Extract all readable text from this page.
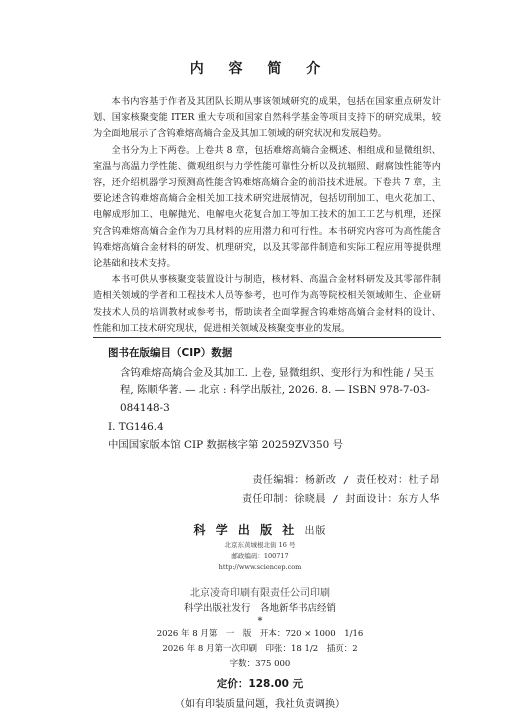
内 容 简 介

本书内容基于作者及其团队长期从事该领域研究的成果，包括在国家重点研发计划、国家核聚变能 ITER 重大专项和国家自然科学基金等项目支持下的研究成果，较为全面地展示了含钨难熔高熵合金及其加工领域的研究状况和发展趋势。

全书分为上下两卷。上卷共 8 章，包括难熔高熵合金概述、相组成和显微组织、室温与高温力学性能、微观组织与力学性能可靠性分析以及抗辐照、耐腐蚀性能等内容，还介绍机器学习预测高性能含钨难熔高熵合金的前沿技术进展。下卷共 7 章，主要论述含钨难熔高熵合金相关加工技术研究进展情况，包括切削加工、电火花加工、电解成形加工、电解抛光、电解电火花复合加工等加工技术的加工工艺与机理，还探究含钨难熔高熵合金作为刀具材料的应用潜力和可行性。本书研究内容可为高性能含钨难熔高熵合金材料的研发、机理研究，以及其零部件制造和实际工程应用等提供理论基础和技术支持。

本书可供从事核聚变装置设计与制造，核材料、高温合金材料研发及其零部件制造相关领域的学者和工程技术人员等参考，也可作为高等院校相关领域师生、企业研发技术人员的培训教材或参考书，帮助读者全面掌握含钨难熔高熵合金材料的设计、性能和加工技术研究现状，促进相关领域及核聚变事业的发展。

图书在版编目（CIP）数据
含钨难熔高熵合金及其加工. 上卷, 显微组织、变形行为和性能 / 吴玉程, 陈顺华著. — 北京 : 科学出版社, 2026. 8. — ISBN 978-7-03-084148-3
Ⅰ. TG146.4
中国国家版本馆 CIP 数据核字第 20259ZV350 号
责任编辑：杨新改 / 责任校对：杜子昂
责任印制：徐晓晨 / 封面设计：东方人华
科 学 出 版 社 出版
北京东黄城根北街 16 号
邮政编码：100717
http://www.sciencep.com
北京凌奇印刷有限责任公司印刷
科学出版社发行　各地新华书店经销
*
2026 年 8 月第　一　版　开本：720 × 1000　1/16
2026 年 8 月第一次印刷　印张：18 1/2　插页：2
字数：375 000
定价：128.00 元
（如有印装质量问题，我社负责调换）
